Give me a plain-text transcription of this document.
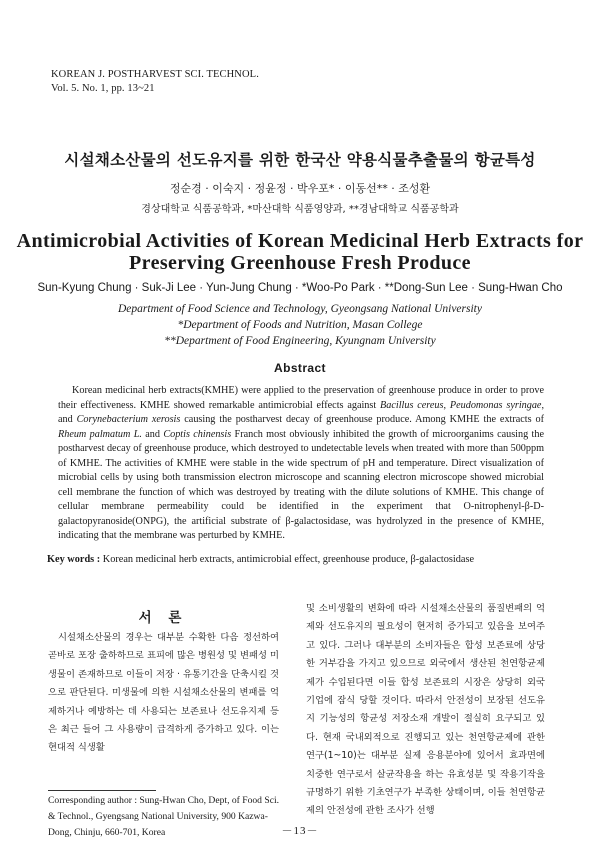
KOREAN J. POSTHARVEST SCI. TECHNOL.
Vol. 5. No. 1, pp. 13~21
시설채소산물의 선도유지를 위한 한국산 약용식물추출물의 항균특성
정순경 · 이숙지 · 정윤정 · 박우포* · 이동선** · 조성환
경상대학교 식품공학과, *마산대학 식품영양과, **경남대학교 식품공학과
Antimicrobial Activities of Korean Medicinal Herb Extracts for
Preserving Greenhouse Fresh Produce
Sun-Kyung Chung · Suk-Ji Lee · Yun-Jung Chung · *Woo-Po Park · **Dong-Sun Lee · Sung-Hwan Cho
Department of Food Science and Technology, Gyeongsang National University
*Department of Foods and Nutrition, Masan College
**Department of Food Engineering, Kyungnam University
Abstract

Korean medicinal herb extracts(KMHE) were applied to the preservation of greenhouse produce in order to prove their effectiveness. KMHE showed remarkable antimicrobial effects against Bacillus cereus, Peudomonas syringae, and Corynebacterium xerosis causing the postharvest decay of greenhouse produce. Among KMHE the extracts of Rheum palmatum L. and Coptis chinensis Franch most obviously inhibited the growth of microorganims causing the postharvest decay of greenhouse produce, which destroyed to undetectable levels when treated with more than 500ppm of KMHE. The activities of KMHE were stable in the wide spectrum of pH and temperature. Direct visualization of microbial cells by using both transmission electron microscope and scanning electron microscope showed microbial cell membrane the function of which was destroyed by treating with the dilute solutions of KMHE. This change of cellular membrane permeability could be identified in the experiment that O-nitrophenyl-β-D-galactopyranoside(ONPG), the artificial substrate of β-galactosidase, was hydrolyzed in the presence of KMHE, indicating that the membrane was perturbed by KMHE.

Key words : Korean medicinal herb extracts, antimicrobial effect, greenhouse produce, β-galactosidase
서 론

시설채소산물의 경우는 대부분 수확한 다음 정선하여 곧바로 포장 출하하므로 표피에 많은 병원성 및 변패성 미생물이 존재하므로 이들이 저장 · 유통기간을 단축시킬 것으로 판단된다. 미생물에 의한 시설채소산물의 변패를 억제하거나 예방하는 데 사용되는 보존료나 선도유지제 등은 최근 들어 그 사용량이 급격하게 증가하고 있다. 이는 현대적 식생활

및 소비생활의 변화에 따라 시설채소산물의 품질변패의 억제와 선도유지의 필요성이 현저히 증가되고 있음을 보여주고 있다. 그러나 대부분의 소비자들은 합성 보존료에 상당한 거부감을 가지고 있으므로 외국에서 생산된 천연항균제제가 수입된다면 이들 합성 보존료의 시장은 상당히 외국 기업에 잠식 당할 것이다. 따라서 안전성이 보장된 선도유지 기능성의 항균성 저장소재 개발이 절실히 요구되고 있다. 현재 국내외적으로 진행되고 있는 천연항균제에 관한 연구(1~10)는 대부분 실제 응용분야에 있어서 효과면에 치중한 연구로서 살균작용을 하는 유효성분 및 작용기작을 규명하기 위한 기초연구가 부족한 상태이며, 이들 천연항균제의 안전성에 관한 조사가 선행

Corresponding author : Sung-Hwan Cho, Dept, of Food Sci. & Technol., Gyengsang National University, 900 Kazwa-Dong, Chinju, 660-701, Korea	－13－
